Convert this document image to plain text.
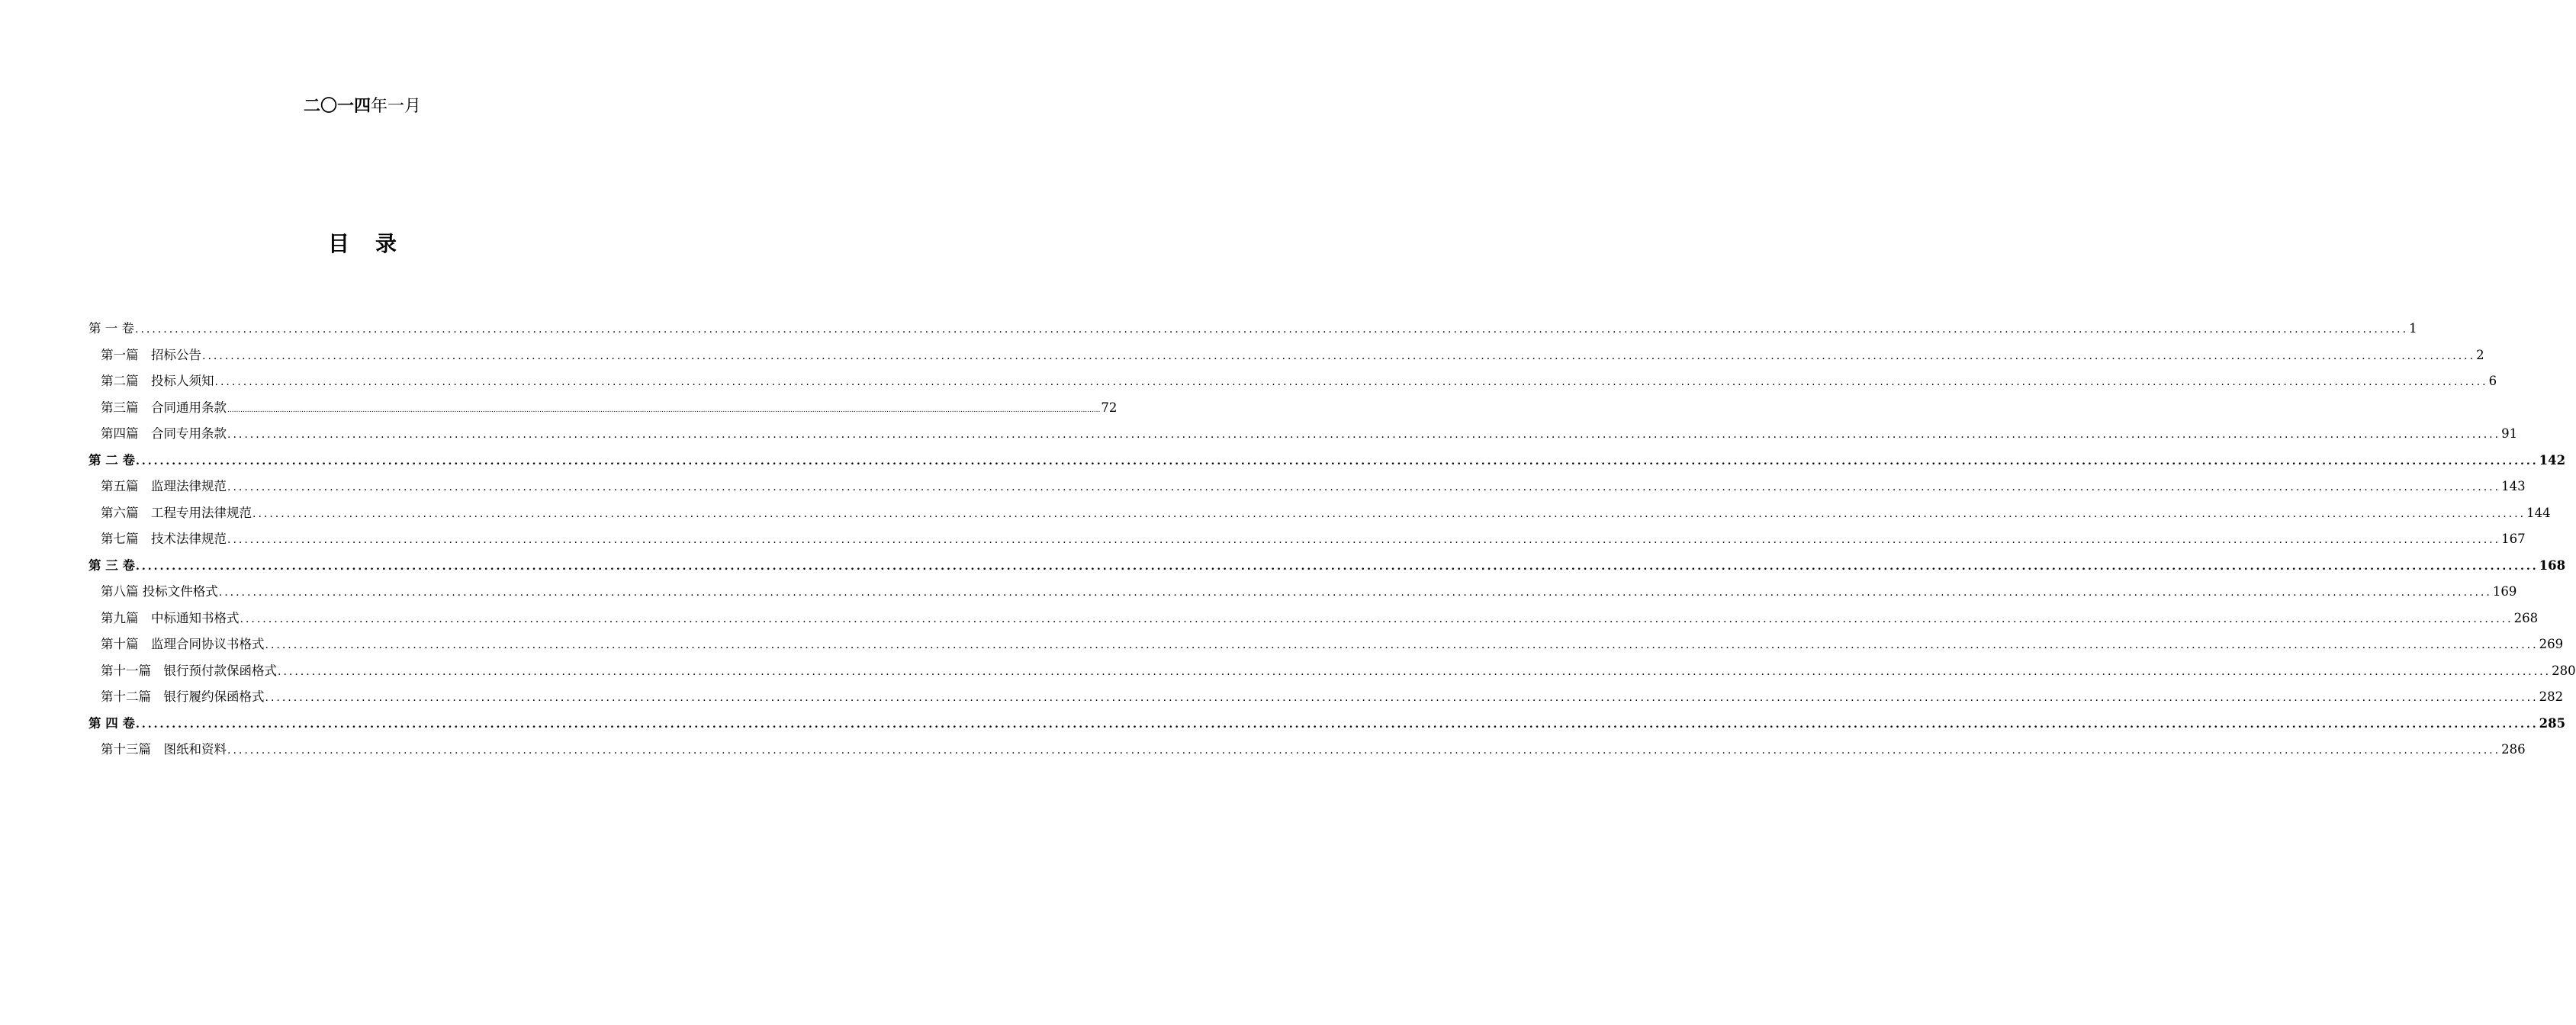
二〇一四年一月
目录
第 一 卷 ................................................................................................................................................................................................................................................................................................................................................................................................................ 1
第一篇　招标公告 ................................................................................................................................................................................................................................................................................................................................................................................................................ 2
第二篇　投标人须知 ................................................................................................................................................................................................................................................................................................................................................................................................................ 6
第三篇　合同通用条款 ................................................................................................................................................................................................................................................................................................................................................................................................................ 72
第四篇　合同专用条款 ................................................................................................................................................................................................................................................................................................................................................................................................................ 91
第 二 卷 ................................................................................................................................................................................................................................................................................................................................................................................................................ 142
第五篇　监理法律规范 ................................................................................................................................................................................................................................................................................................................................................................................................................ 143
第六篇　工程专用法律规范 ................................................................................................................................................................................................................................................................................................................................................................................................................ 144
第七篇　技术法律规范 ................................................................................................................................................................................................................................................................................................................................................................................................................ 167
第 三 卷 ................................................................................................................................................................................................................................................................................................................................................................................................................ 168
第八篇 投标文件格式 ................................................................................................................................................................................................................................................................................................................................................................................................................ 169
第九篇　中标通知书格式 ................................................................................................................................................................................................................................................................................................................................................................................................................ 268
第十篇　监理合同协议书格式 ................................................................................................................................................................................................................................................................................................................................................................................................................ 269
第十一篇　银行预付款保函格式 ................................................................................................................................................................................................................................................................................................................................................................................................................ 280
第十二篇　银行履约保函格式 ................................................................................................................................................................................................................................................................................................................................................................................................................ 282
第 四 卷 ................................................................................................................................................................................................................................................................................................................................................................................................................ 285
第十三篇　图纸和资料 ................................................................................................................................................................................................................................................................................................................................................................................................................ 286
